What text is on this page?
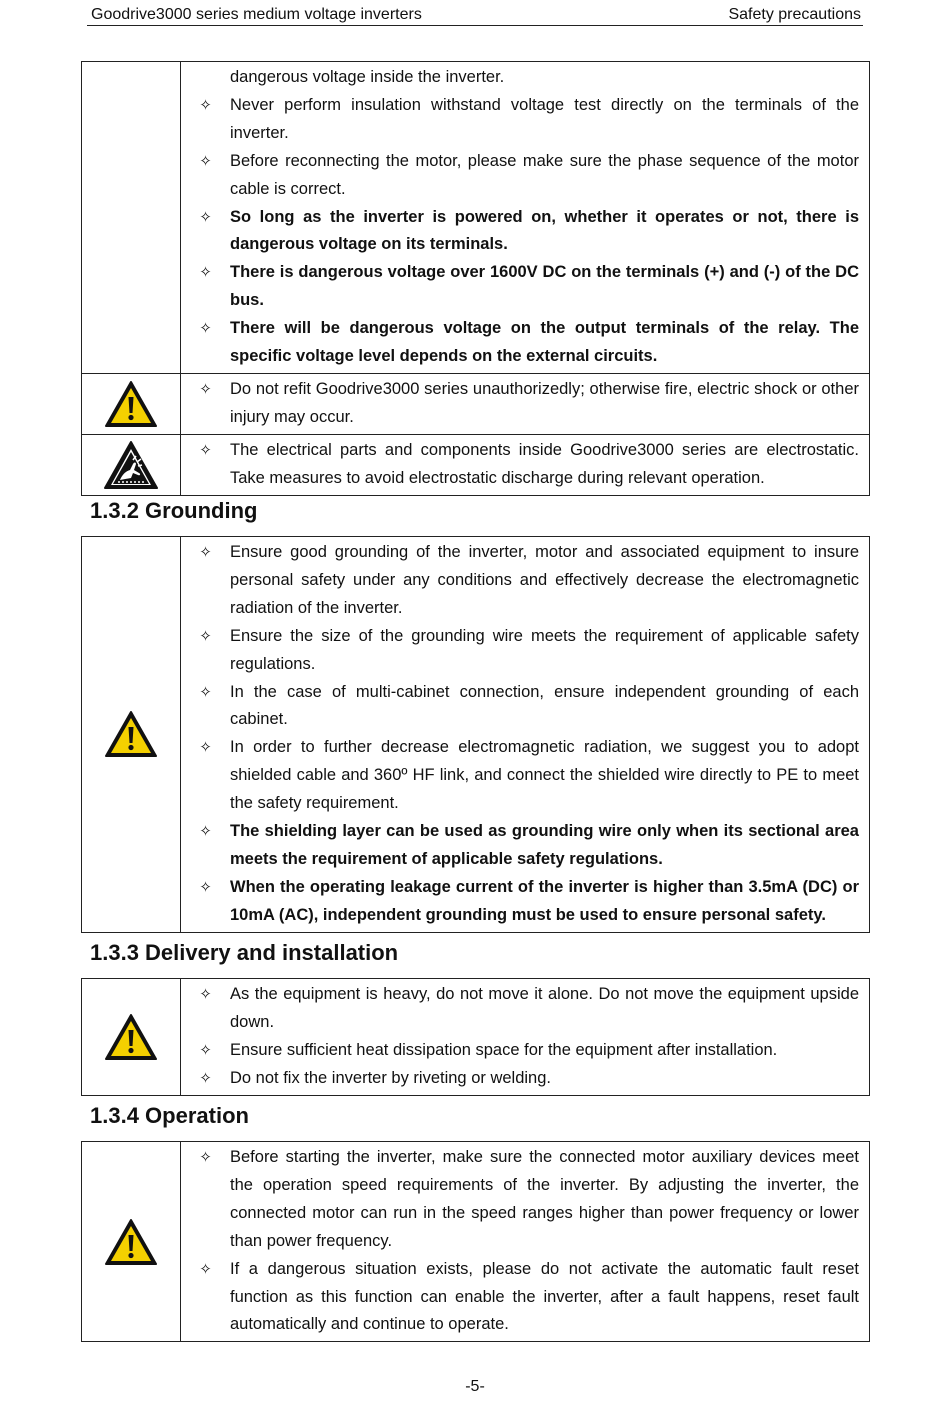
Goodrive3000 series medium voltage inverters	Safety precautions
dangerous voltage inside the inverter.
✧	Never perform insulation withstand voltage test directly on the terminals of the inverter.
✧	Before reconnecting the motor, please make sure the phase sequence of the motor cable is correct.
✧	So long as the inverter is powered on, whether it operates or not, there is dangerous voltage on its terminals.
✧	There is dangerous voltage over 1600V DC on the terminals (+) and (-) of the DC bus.
✧	There will be dangerous voltage on the output terminals of the relay. The specific voltage level depends on the external circuits.
✧	Do not refit Goodrive3000 series unauthorizedly; otherwise fire, electric shock or other injury may occur.
✧	The electrical parts and components inside Goodrive3000 series are electrostatic. Take measures to avoid electrostatic discharge during relevant operation.
1.3.2 Grounding
✧	Ensure good grounding of the inverter, motor and associated equipment to insure personal safety under any conditions and effectively decrease the electromagnetic radiation of the inverter.
✧	Ensure the size of the grounding wire meets the requirement of applicable safety regulations.
✧	In the case of multi-cabinet connection, ensure independent grounding of each cabinet.
✧	In order to further decrease electromagnetic radiation, we suggest you to adopt shielded cable and 360º HF link, and connect the shielded wire directly to PE to meet the safety requirement.
✧	The shielding layer can be used as grounding wire only when its sectional area meets the requirement of applicable safety regulations.
✧	When the operating leakage current of the inverter is higher than 3.5mA (DC) or 10mA (AC), independent grounding must be used to ensure personal safety.
1.3.3 Delivery and installation
✧	As the equipment is heavy, do not move it alone. Do not move the equipment upside down.
✧	Ensure sufficient heat dissipation space for the equipment after installation.
✧	Do not fix the inverter by riveting or welding.
1.3.4 Operation
✧	Before starting the inverter, make sure the connected motor auxiliary devices meet the operation speed requirements of the inverter. By adjusting the inverter, the connected motor can run in the speed ranges higher than power frequency or lower than power frequency.
✧	If a dangerous situation exists, please do not activate the automatic fault reset function as this function can enable the inverter, after a fault happens, reset fault automatically and continue to operate.
-5-
